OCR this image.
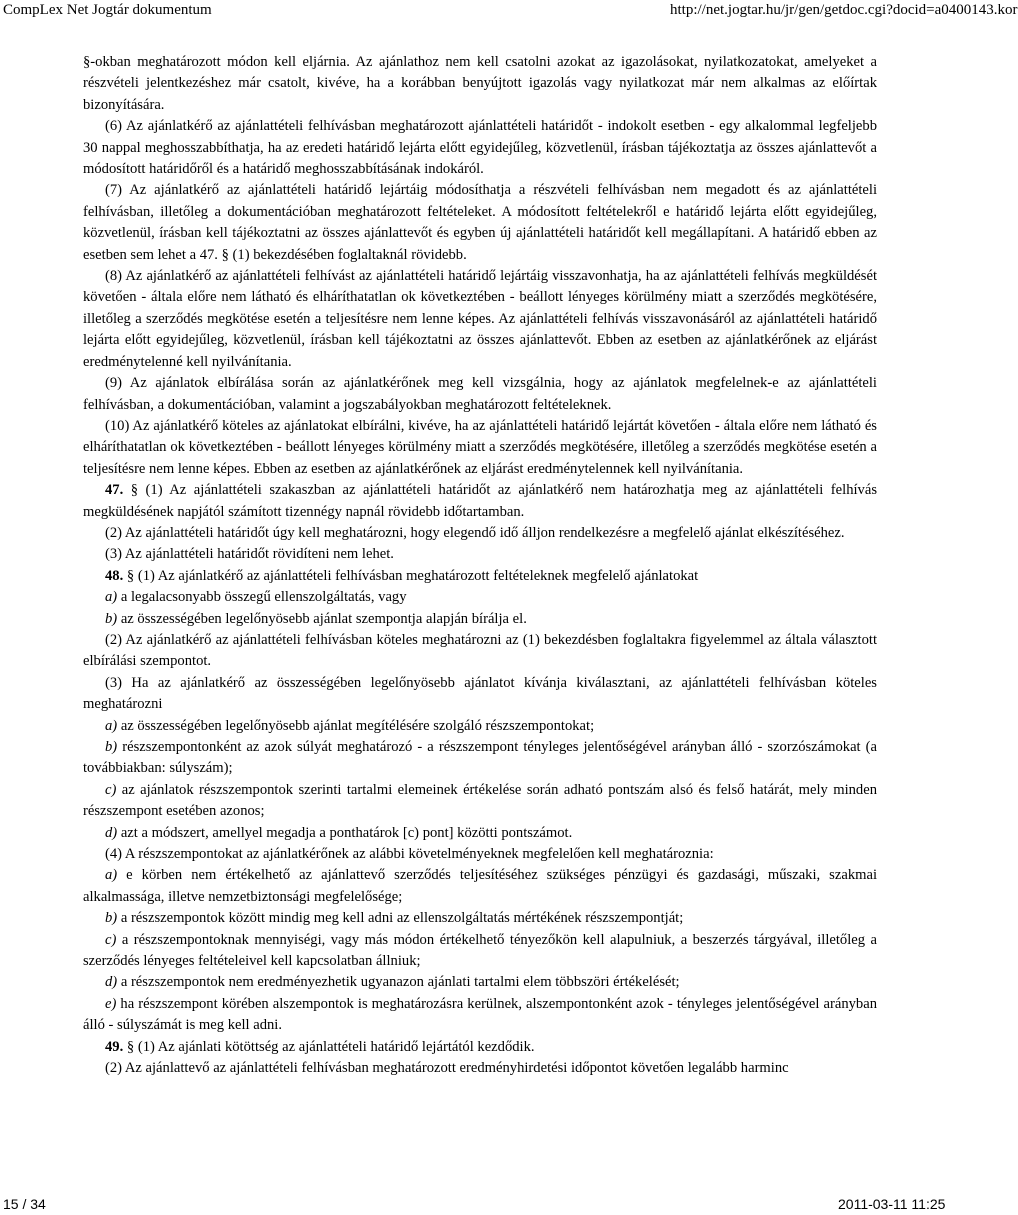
CompLex Net Jogtár dokumentum	http://net.jogtar.hu/jr/gen/getdoc.cgi?docid=a0400143.kor

§-okban meghatározott módon kell eljárnia. Az ajánlathoz nem kell csatolni azokat az igazolásokat, nyilatkozatokat, amelyeket a részvételi jelentkezéshez már csatolt, kivéve, ha a korábban benyújtott igazolás vagy nyilatkozat már nem alkalmas az előírtak bizonyítására.

(6) Az ajánlatkérő az ajánlattételi felhívásban meghatározott ajánlattételi határidőt - indokolt esetben - egy alkalommal legfeljebb 30 nappal meghosszabbíthatja, ha az eredeti határidő lejárta előtt egyidejűleg, közvetlenül, írásban tájékoztatja az összes ajánlattevőt a módosított határidőről és a határidő meghosszabbításának indokáról.

(7) Az ajánlatkérő az ajánlattételi határidő lejártáig módosíthatja a részvételi felhívásban nem megadott és az ajánlattételi felhívásban, illetőleg a dokumentációban meghatározott feltételeket. A módosított feltételekről e határidő lejárta előtt egyidejűleg, közvetlenül, írásban kell tájékoztatni az összes ajánlattevőt és egyben új ajánlattételi határidőt kell megállapítani. A határidő ebben az esetben sem lehet a 47. § (1) bekezdésében foglaltaknál rövidebb.

(8) Az ajánlatkérő az ajánlattételi felhívást az ajánlattételi határidő lejártáig visszavonhatja, ha az ajánlattételi felhívás megküldését követően - általa előre nem látható és elháríthatatlan ok következtében - beállott lényeges körülmény miatt a szerződés megkötésére, illetőleg a szerződés megkötése esetén a teljesítésre nem lenne képes. Az ajánlattételi felhívás visszavonásáról az ajánlattételi határidő lejárta előtt egyidejűleg, közvetlenül, írásban kell tájékoztatni az összes ajánlattevőt. Ebben az esetben az ajánlatkérőnek az eljárást eredménytelenné kell nyilvánítania.

(9) Az ajánlatok elbírálása során az ajánlatkérőnek meg kell vizsgálnia, hogy az ajánlatok megfelelnek-e az ajánlattételi felhívásban, a dokumentációban, valamint a jogszabályokban meghatározott feltételeknek.

(10) Az ajánlatkérő köteles az ajánlatokat elbírálni, kivéve, ha az ajánlattételi határidő lejártát követően - általa előre nem látható és elháríthatatlan ok következtében - beállott lényeges körülmény miatt a szerződés megkötésére, illetőleg a szerződés megkötése esetén a teljesítésre nem lenne képes. Ebben az esetben az ajánlatkérőnek az eljárást eredménytelennek kell nyilvánítania.

47. § (1) Az ajánlattételi szakaszban az ajánlattételi határidőt az ajánlatkérő nem határozhatja meg az ajánlattételi felhívás megküldésének napjától számított tizennégy napnál rövidebb időtartamban.

(2) Az ajánlattételi határidőt úgy kell meghatározni, hogy elegendő idő álljon rendelkezésre a megfelelő ajánlat elkészítéséhez.

(3) Az ajánlattételi határidőt rövidíteni nem lehet.

48. § (1) Az ajánlatkérő az ajánlattételi felhívásban meghatározott feltételeknek megfelelő ajánlatokat

a) a legalacsonyabb összegű ellenszolgáltatás, vagy

b) az összességében legelőnyösebb ajánlat szempontja alapján bírálja el.

(2) Az ajánlatkérő az ajánlattételi felhívásban köteles meghatározni az (1) bekezdésben foglaltakra figyelemmel az általa választott elbírálási szempontot.

(3) Ha az ajánlatkérő az összességében legelőnyösebb ajánlatot kívánja kiválasztani, az ajánlattételi felhívásban köteles meghatározni

a) az összességében legelőnyösebb ajánlat megítélésére szolgáló részszempontokat;

b) részszempontonként az azok súlyát meghatározó - a részszempont tényleges jelentőségével arányban álló - szorzószámokat (a továbbiakban: súlyszám);

c) az ajánlatok részszempontok szerinti tartalmi elemeinek értékelése során adható pontszám alsó és felső határát, mely minden részszempont esetében azonos;

d) azt a módszert, amellyel megadja a ponthatárok [c) pont] közötti pontszámot.

(4) A részszempontokat az ajánlatkérőnek az alábbi követelményeknek megfelelően kell meghatároznia:

a) e körben nem értékelhető az ajánlattevő szerződés teljesítéséhez szükséges pénzügyi és gazdasági, műszaki, szakmai alkalmassága, illetve nemzetbiztonsági megfelelősége;

b) a részszempontok között mindig meg kell adni az ellenszolgáltatás mértékének részszempontját;

c) a részszempontoknak mennyiségi, vagy más módon értékelhető tényezőkön kell alapulniuk, a beszerzés tárgyával, illetőleg a szerződés lényeges feltételeivel kell kapcsolatban állniuk;

d) a részszempontok nem eredményezhetik ugyanazon ajánlati tartalmi elem többszöri értékelését;

e) ha részszempont körében alszempontok is meghatározásra kerülnek, alszempontonként azok - tényleges jelentőségével arányban álló - súlyszámát is meg kell adni.

49. § (1) Az ajánlati kötöttség az ajánlattételi határidő lejártától kezdődik.

(2) Az ajánlattevő az ajánlattételi felhívásban meghatározott eredményhirdetési időpontot követően legalább harminc

15 / 34	2011-03-11 11:25
